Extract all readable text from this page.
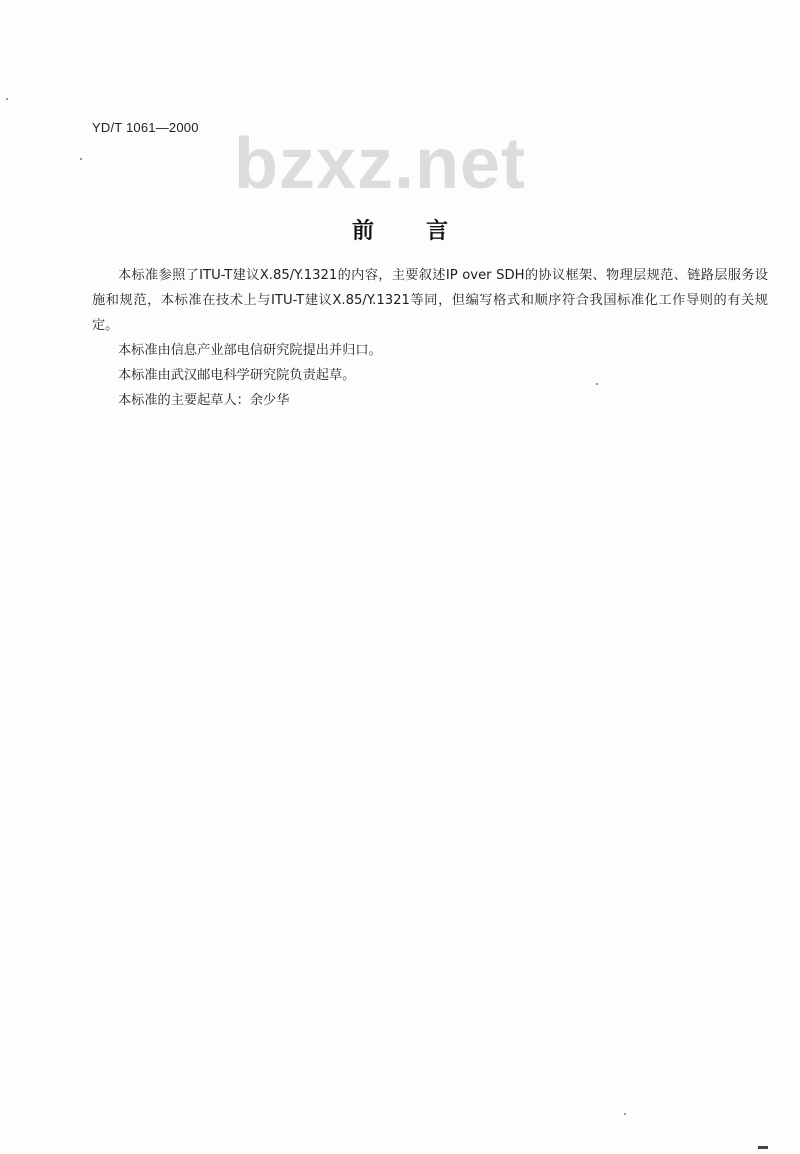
YD/T 1061—2000 bzxz.net
前言

本标准参照了ITU-T建议X.85/Y.1321的内容，主要叙述IP over SDH的协议框架、物理层规范、链路层服务设施和规范，本标准在技术上与ITU-T建议X.85/Y.1321等同，但编写格式和顺序符合我国标准化工作导则的有关规定。

本标准由信息产业部电信研究院提出并归口。

本标准由武汉邮电科学研究院负责起草。

本标准的主要起草人：余少华
